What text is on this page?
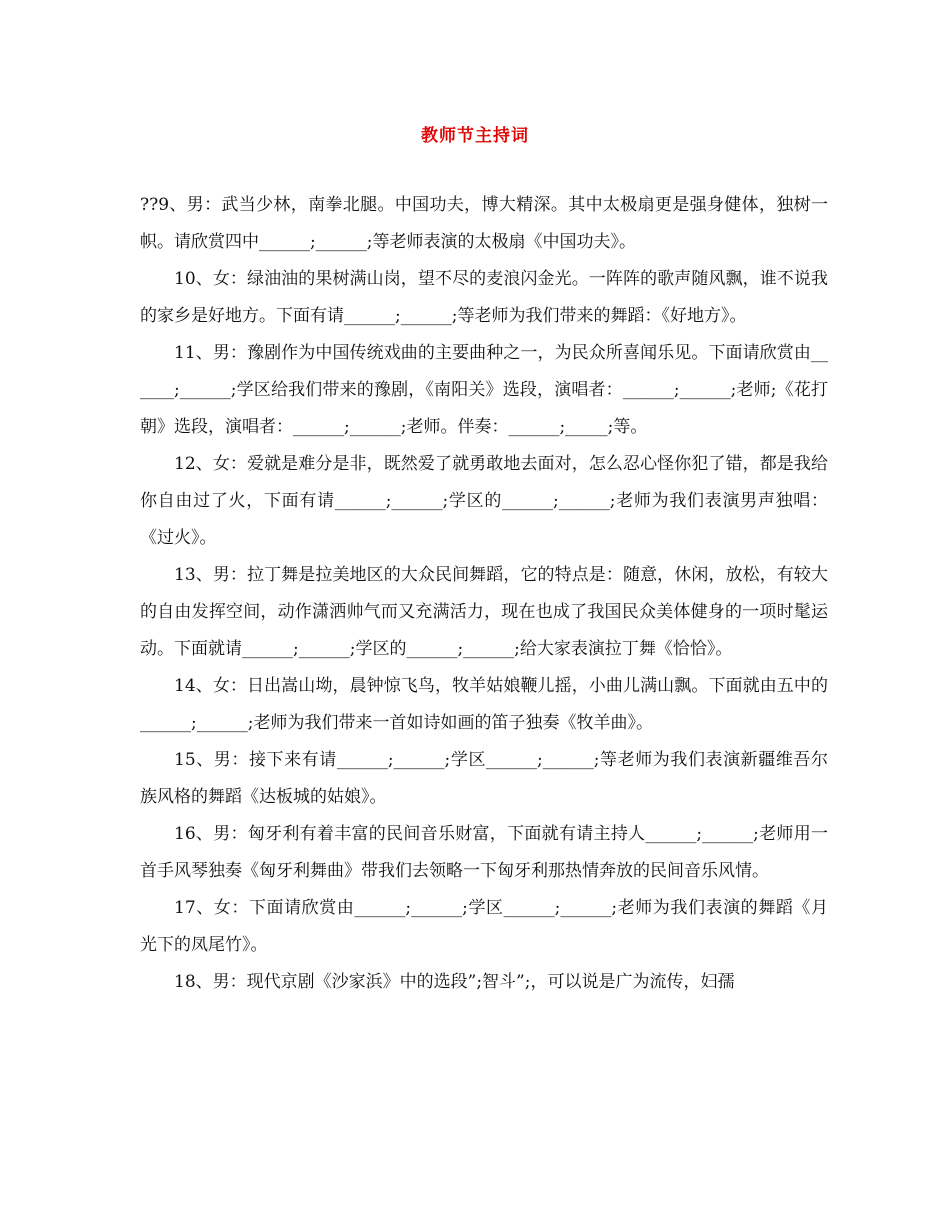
教师节主持词

??9、男：武当少林，南拳北腿。中国功夫，博大精深。其中太极扇更是强身健体，独树一帜。请欣赏四中______;______;等老师表演的太极扇《中国功夫》。

10、女：绿油油的果树满山岗，望不尽的麦浪闪金光。一阵阵的歌声随风飘，谁不说我的家乡是好地方。下面有请______;______;等老师为我们带来的舞蹈：《好地方》。

11、男：豫剧作为中国传统戏曲的主要曲种之一，为民众所喜闻乐见。下面请欣赏由______;______;学区给我们带来的豫剧，《南阳关》选段，演唱者：______;______;老师;《花打朝》选段，演唱者：______;______;老师。伴奏：______;_____;等。

12、女：爱就是难分是非，既然爱了就勇敢地去面对，怎么忍心怪你犯了错，都是我给你自由过了火，下面有请______;______;学区的______;______;老师为我们表演男声独唱：《过火》。

13、男：拉丁舞是拉美地区的大众民间舞蹈，它的特点是：随意，休闲，放松，有较大的自由发挥空间，动作潇洒帅气而又充满活力，现在也成了我国民众美体健身的一项时髦运动。下面就请______;______;学区的______;______;给大家表演拉丁舞《恰恰》。

14、女：日出嵩山坳，晨钟惊飞鸟，牧羊姑娘鞭儿摇，小曲儿满山飘。下面就由五中的______;______;老师为我们带来一首如诗如画的笛子独奏《牧羊曲》。

15、男：接下来有请______;______;学区______;______;等老师为我们表演新疆维吾尔族风格的舞蹈《达板城的姑娘》。

16、男：匈牙利有着丰富的民间音乐财富，下面就有请主持人______;______;老师用一首手风琴独奏《匈牙利舞曲》带我们去领略一下匈牙利那热情奔放的民间音乐风情。

17、女：下面请欣赏由______;______;学区______;______;老师为我们表演的舞蹈《月光下的凤尾竹》。

18、男：现代京剧《沙家浜》中的选段”;智斗”;，可以说是广为流传，妇孺
